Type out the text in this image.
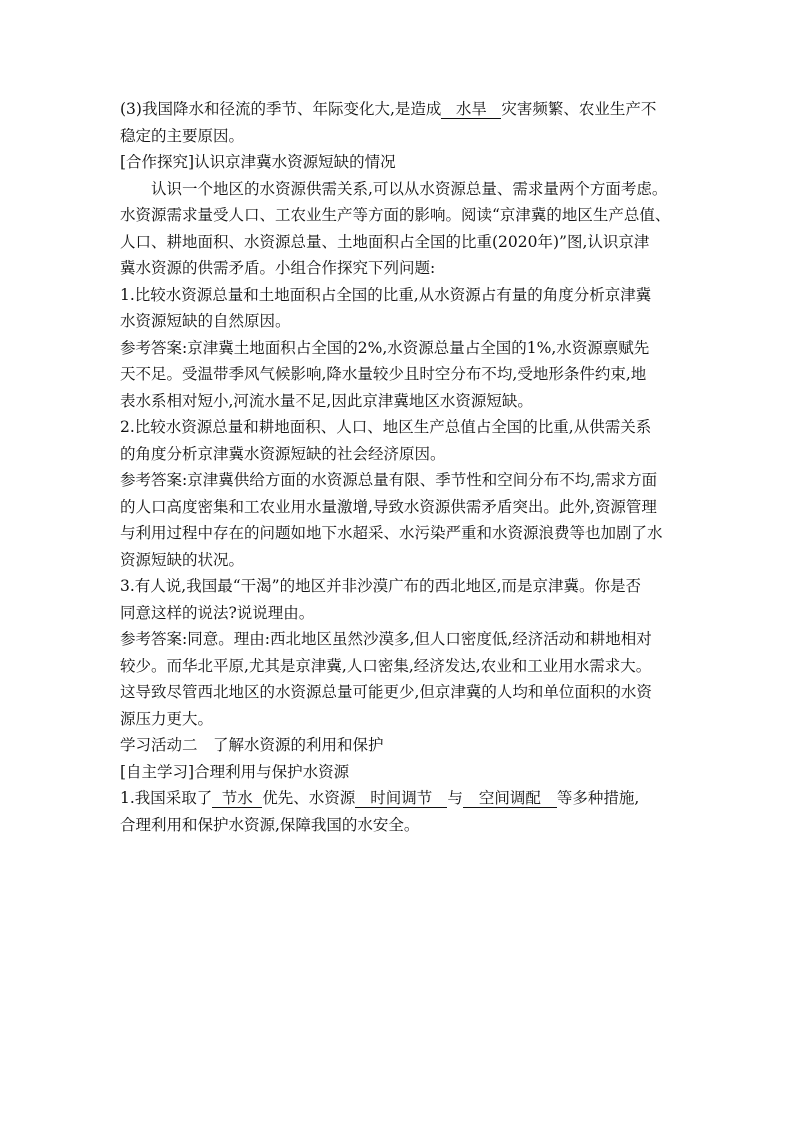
(3)我国降水和径流的季节、年际变化大,是造成 水旱 灾害频繁、农业生产不
稳定的主要原因。
[合作探究]认识京津冀水资源短缺的情况
认识一个地区的水资源供需关系,可以从水资源总量、需求量两个方面考虑。
水资源需求量受人口、工农业生产等方面的影响。阅读“京津冀的地区生产总值、
人口、耕地面积、水资源总量、土地面积占全国的比重(2020年)”图,认识京津
冀水资源的供需矛盾。小组合作探究下列问题:
1.比较水资源总量和土地面积占全国的比重,从水资源占有量的角度分析京津冀
水资源短缺的自然原因。
参考答案:京津冀土地面积占全国的2%,水资源总量占全国的1%,水资源禀赋先
天不足。受温带季风气候影响,降水量较少且时空分布不均,受地形条件约束,地
表水系相对短小,河流水量不足,因此京津冀地区水资源短缺。
2.比较水资源总量和耕地面积、人口、地区生产总值占全国的比重,从供需关系
的角度分析京津冀水资源短缺的社会经济原因。
参考答案:京津冀供给方面的水资源总量有限、季节性和空间分布不均,需求方面
的人口高度密集和工农业用水量激增,导致水资源供需矛盾突出。此外,资源管理
与利用过程中存在的问题如地下水超采、水污染严重和水资源浪费等也加剧了水
资源短缺的状况。
3.有人说,我国最“干渴”的地区并非沙漠广布的西北地区,而是京津冀。你是否
同意这样的说法?说说理由。
参考答案:同意。理由:西北地区虽然沙漠多,但人口密度低,经济活动和耕地相对
较少。而华北平原,尤其是京津冀,人口密集,经济发达,农业和工业用水需求大。
这导致尽管西北地区的水资源总量可能更少,但京津冀的人均和单位面积的水资
源压力更大。
学习活动二　了解水资源的利用和保护
[自主学习]合理利用与保护水资源
1.我国采取了 节水 优先、水资源 时间调节 与 空间调配 等多种措施,
合理利用和保护水资源,保障我国的水安全。
